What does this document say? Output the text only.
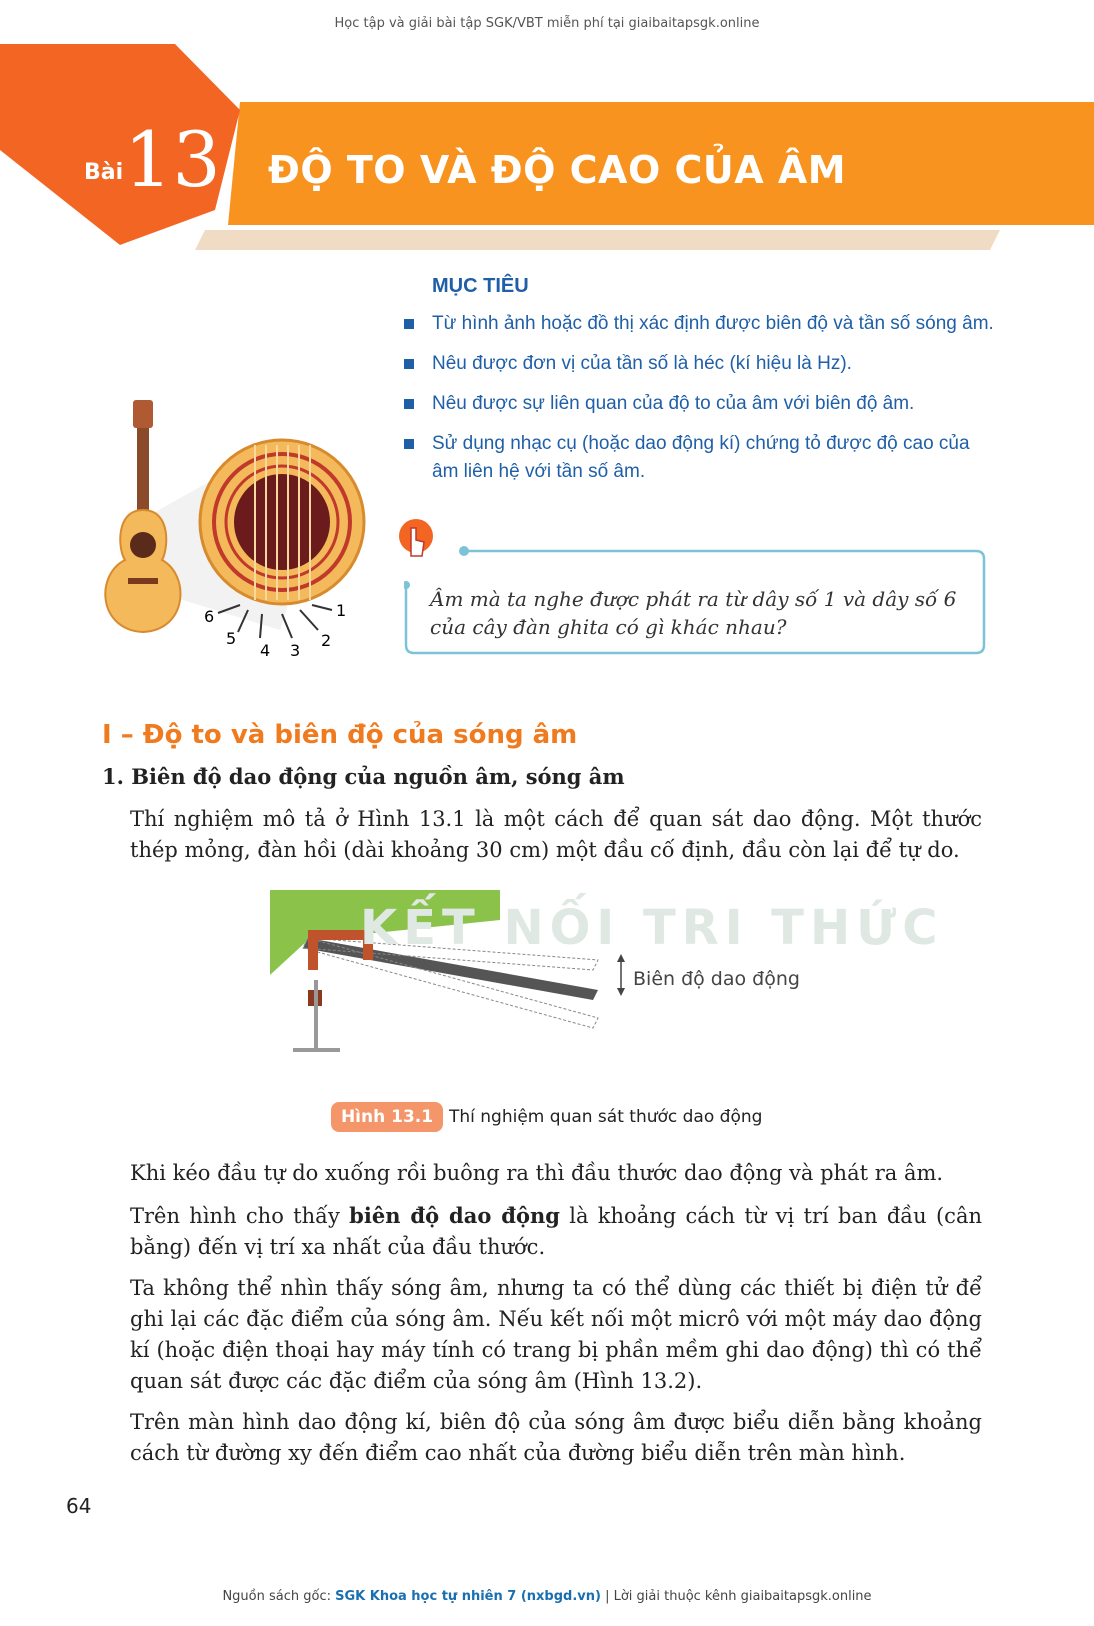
Học tập và giải bài tập SGK/VBT miễn phí tại giaibaitapsgk.online
Bài 13 ĐỘ TO VÀ ĐỘ CAO CỦA ÂM
MỤC TIÊU
Từ hình ảnh hoặc đồ thị xác định được biên độ và tần số sóng âm.
Nêu được đơn vị của tần số là héc (kí hiệu là Hz).
Nêu được sự liên quan của độ to của âm với biên độ âm.
Sử dụng nhạc cụ (hoặc dao động kí) chứng tỏ được độ cao của âm liên hệ với tần số âm.
1
2
3
4
5
6
Âm mà ta nghe được phát ra từ dây số 1 và dây số 6 của cây đàn ghita có gì khác nhau?
I – Độ to và biên độ của sóng âm
1. Biên độ dao động của nguồn âm, sóng âm
Thí nghiệm mô tả ở Hình 13.1 là một cách để quan sát dao động. Một thước thép mỏng, đàn hồi (dài khoảng 30 cm) một đầu cố định, đầu còn lại để tự do.
KẾT NỐI TRI THỨC
Biên độ dao động
Hình 13.1 Thí nghiệm quan sát thước dao động
Khi kéo đầu tự do xuống rồi buông ra thì đầu thước dao động và phát ra âm.
Trên hình cho thấy biên độ dao động là khoảng cách từ vị trí ban đầu (cân bằng) đến vị trí xa nhất của đầu thước.
Ta không thể nhìn thấy sóng âm, nhưng ta có thể dùng các thiết bị điện tử để ghi lại các đặc điểm của sóng âm. Nếu kết nối một micrô với một máy dao động kí (hoặc điện thoại hay máy tính có trang bị phần mềm ghi dao động) thì có thể quan sát được các đặc điểm của sóng âm (Hình 13.2).
Trên màn hình dao động kí, biên độ của sóng âm được biểu diễn bằng khoảng cách từ đường xy đến điểm cao nhất của đường biểu diễn trên màn hình.
64
Nguồn sách gốc: SGK Khoa học tự nhiên 7 (nxbgd.vn) | Lời giải thuộc kênh giaibaitapsgk.online
